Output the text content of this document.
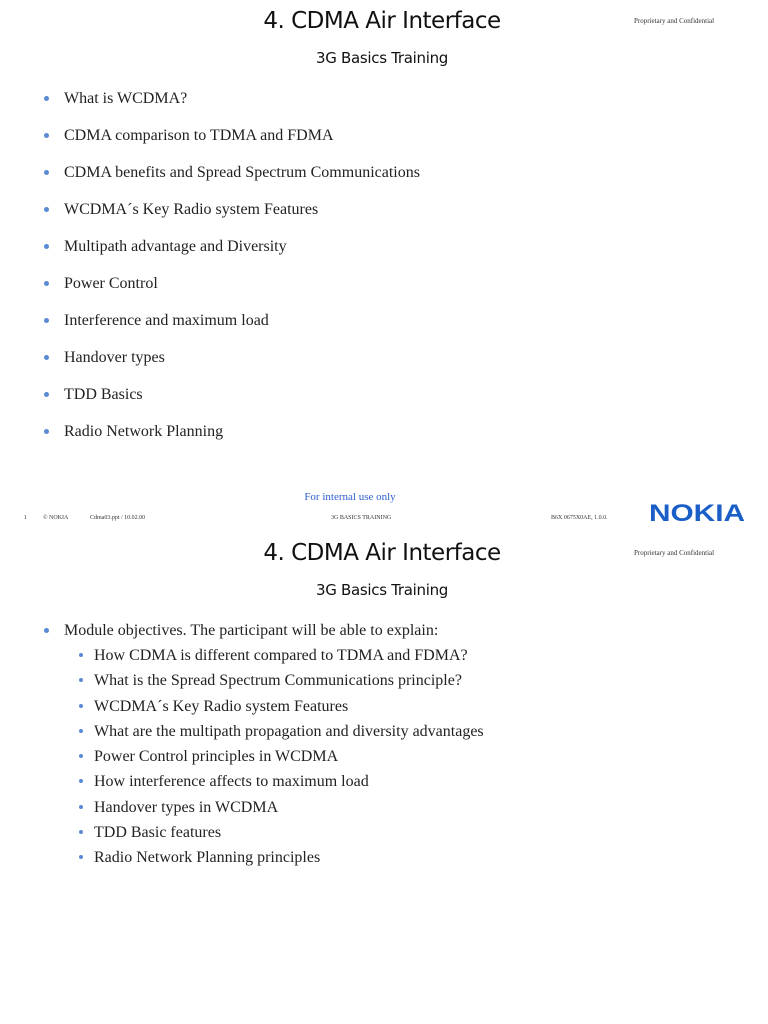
4. CDMA Air Interface
3G Basics Training
Proprietary and Confidential
What is WCDMA?
CDMA comparison to TDMA and FDMA
CDMA benefits and Spread Spectrum Communications
WCDMA´s Key Radio system Features
Multipath advantage and Diversity
Power Control
Interference and maximum load
Handover types
TDD Basics
Radio Network Planning
For internal use only
1	© NOKIA	Cdma03.ppt / 10.02.00	3G BASICS TRAINING	B6X 0675X0AE, 1.0.0. NOKIA
4. CDMA Air Interface
3G Basics Training
Proprietary and Confidential
Module objectives. The participant will be able to explain:
How CDMA is different compared to TDMA and FDMA?
What is the Spread Spectrum Communications principle?
WCDMA´s Key Radio system Features
What are the multipath propagation and diversity advantages
Power Control principles in WCDMA
How interference affects to maximum load
Handover types in WCDMA
TDD Basic features
Radio Network Planning principles
